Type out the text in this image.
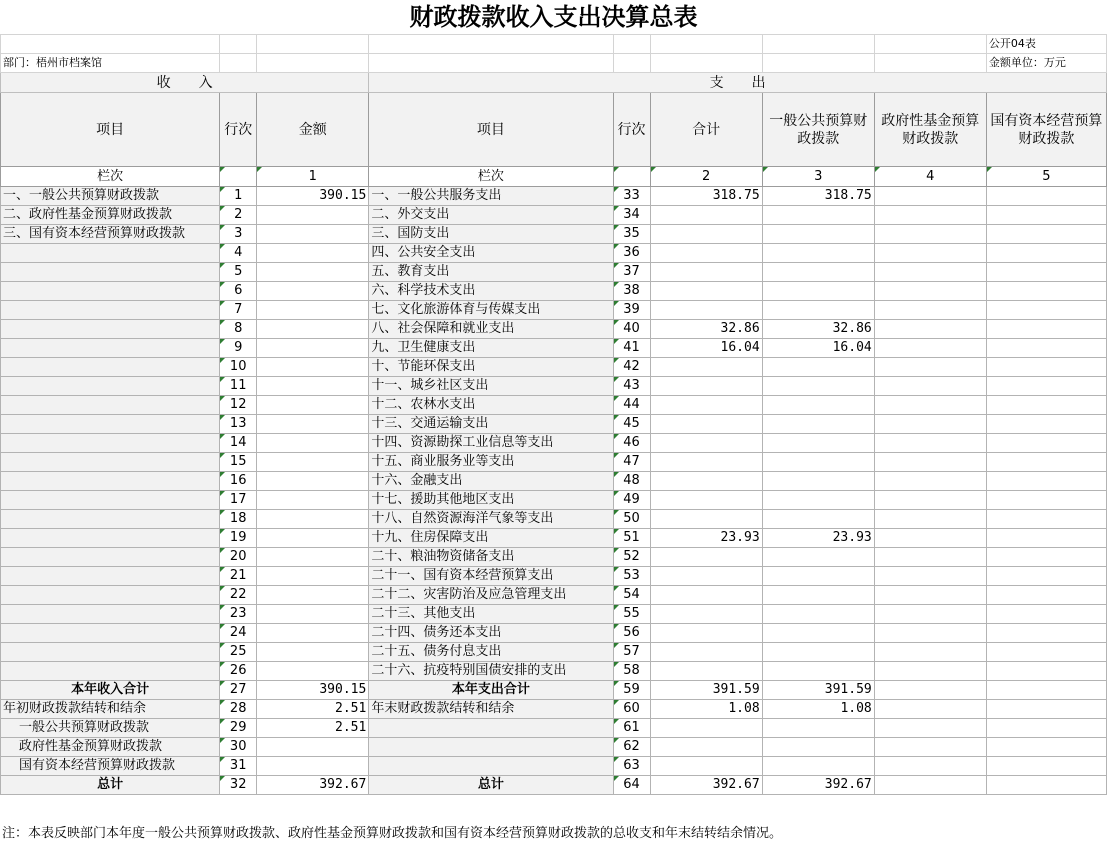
财政拨款收入支出决算总表
								公开04表
部门：梧州市档案馆								金额单位：万元
收　　入			支　　出					
项目	行次	金额	项目	行次	合计	一般公共预算财政拨款	政府性基金预算财政拨款	国有资本经营预算财政拨款
栏次		1	栏次		2	3	4	5
一、一般公共预算财政拨款	1	390.15	一、一般公共服务支出	33	318.75	318.75		
二、政府性基金预算财政拨款	2		二、外交支出	34				
三、国有资本经营预算财政拨款	3		三、国防支出	35				
	4		四、公共安全支出	36				
	5		五、教育支出	37				
	6		六、科学技术支出	38				
	7		七、文化旅游体育与传媒支出	39				
	8		八、社会保障和就业支出	40	32.86	32.86		
	9		九、卫生健康支出	41	16.04	16.04		
	10		十、节能环保支出	42				
	11		十一、城乡社区支出	43				
	12		十二、农林水支出	44				
	13		十三、交通运输支出	45				
	14		十四、资源勘探工业信息等支出	46				
	15		十五、商业服务业等支出	47				
	16		十六、金融支出	48				
	17		十七、援助其他地区支出	49				
	18		十八、自然资源海洋气象等支出	50				
	19		十九、住房保障支出	51	23.93	23.93		
	20		二十、粮油物资储备支出	52				
	21		二十一、国有资本经营预算支出	53				
	22		二十二、灾害防治及应急管理支出	54				
	23		二十三、其他支出	55				
	24		二十四、债务还本支出	56				
	25		二十五、债务付息支出	57				
	26		二十六、抗疫特别国债安排的支出	58				
本年收入合计	27	390.15	本年支出合计	59	391.59	391.59		
年初财政拨款结转和结余	28	2.51	年末财政拨款结转和结余	60	1.08	1.08		
一般公共预算财政拨款	29	2.51		61				
政府性基金预算财政拨款	30			62				
国有资本经营预算财政拨款	31			63				
总计	32	392.67	总计	64	392.67	392.67		
注：本表反映部门本年度一般公共预算财政拨款、政府性基金预算财政拨款和国有资本经营预算财政拨款的总收支和年末结转结余情况。
